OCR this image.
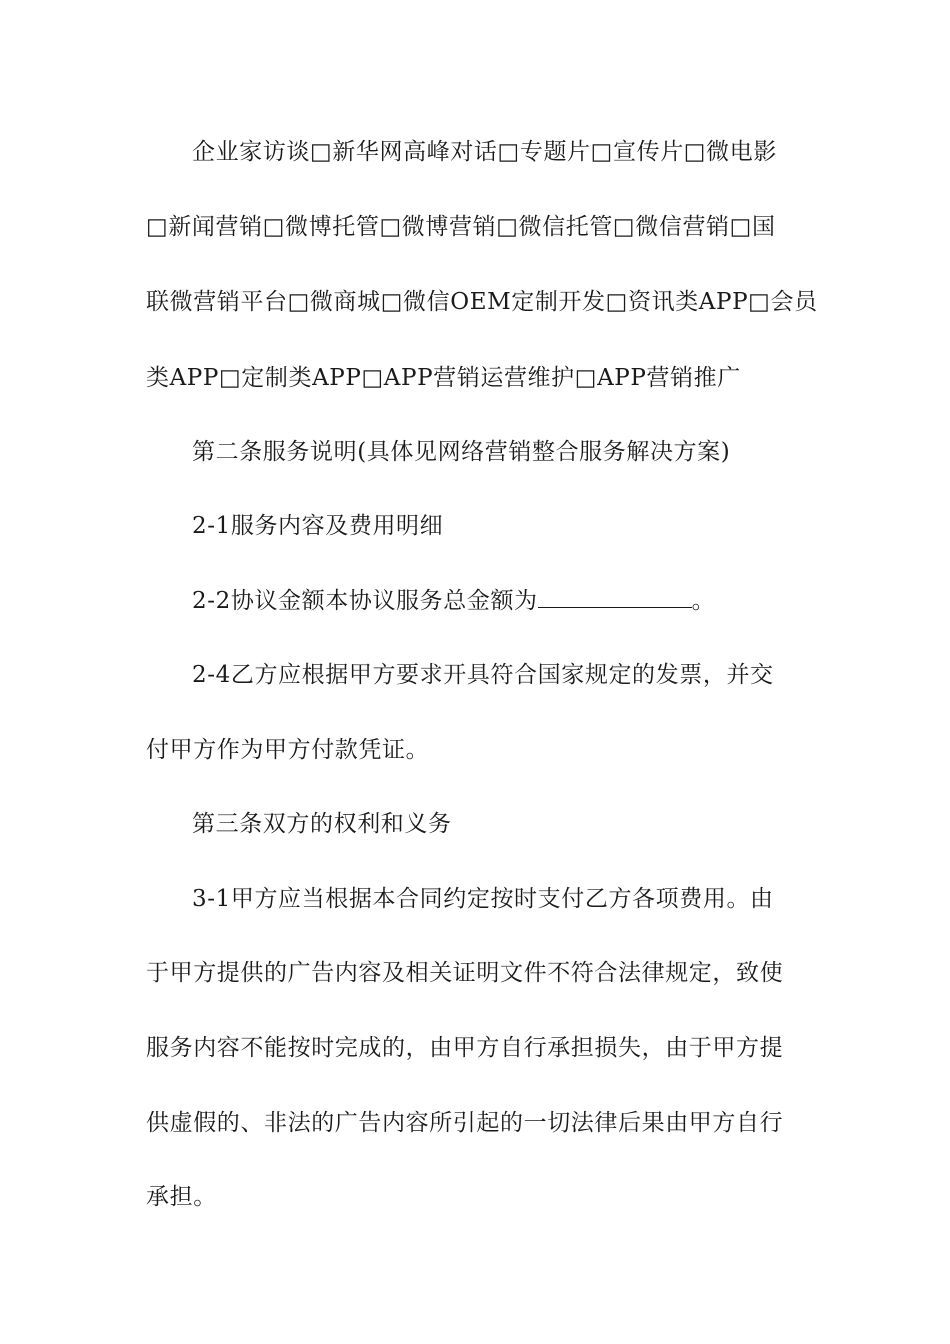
企业家访谈□新华网高峰对话□专题片□宣传片□微电影
□新闻营销□微博托管□微博营销□微信托管□微信营销□国
联微营销平台□微商城□微信OEM定制开发□资讯类APP□会员
类APP□定制类APP□APP营销运营维护□APP营销推广
第二条服务说明(具体见网络营销整合服务解决方案)
2-1服务内容及费用明细
2-2协议金额本协议服务总金额为	。
2-4乙方应根据甲方要求开具符合国家规定的发票，并交
付甲方作为甲方付款凭证。
第三条双方的权利和义务
3-1甲方应当根据本合同约定按时支付乙方各项费用。由
于甲方提供的广告内容及相关证明文件不符合法律规定，致使
服务内容不能按时完成的，由甲方自行承担损失，由于甲方提
供虚假的、非法的广告内容所引起的一切法律后果由甲方自行
承担。
